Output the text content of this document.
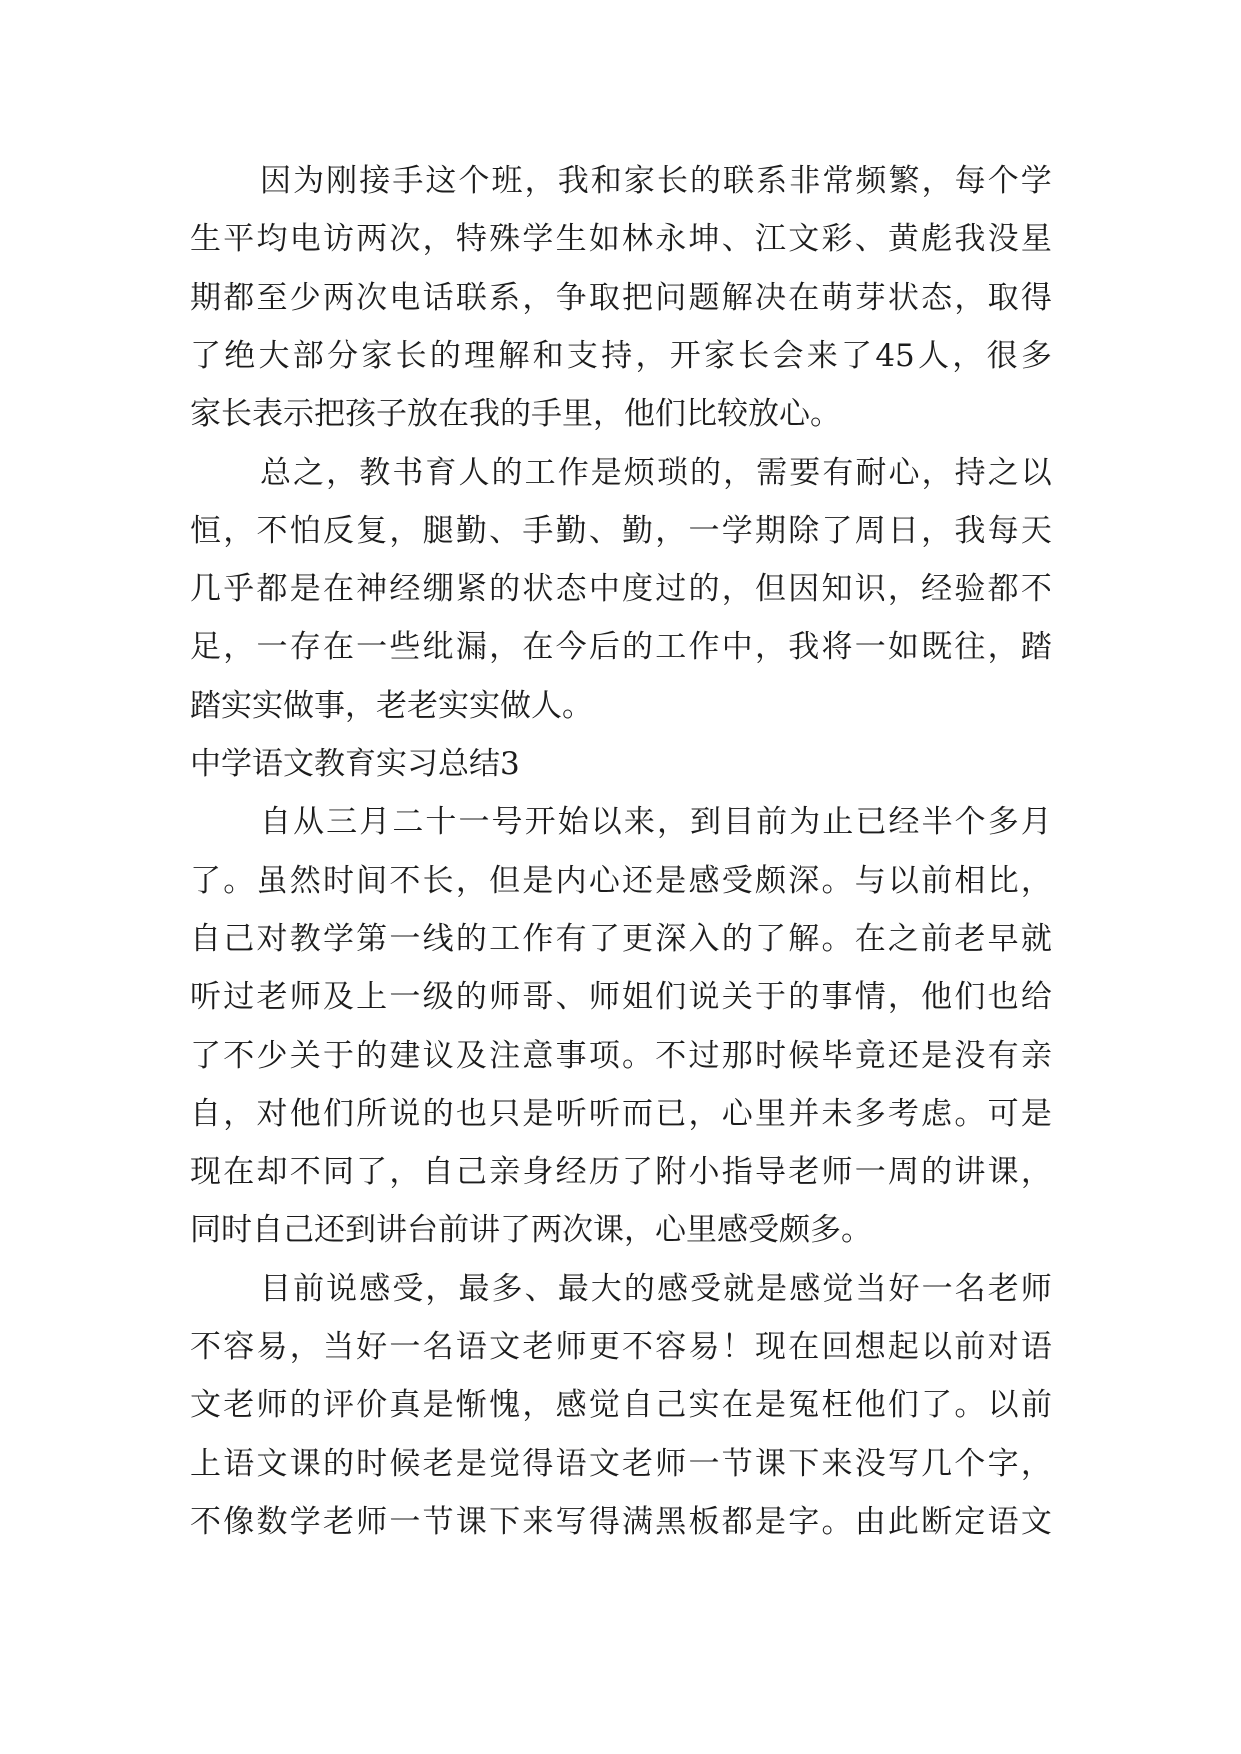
因 为 刚 接 手 这 个 班 ， 我 和 家 长 的 联 系 非 常 频 繁 ， 每 个 学
生 平 均 电 访 两 次 ， 特 殊 学 生 如 林 永 坤 、 江 文 彩 、 黄 彪 我 没 星
期 都 至 少 两 次 电 话 联 系 ， 争 取 把 问 题 解 决 在 萌 芽 状 态 ， 取 得
了 绝 大 部 分 家 长 的 理 解 和 支 持 ， 开 家 长 会 来 了 45 人 ， 很 多
家长表示把孩子放在我的手里，他们比较放心。
总 之 ， 教 书 育 人 的 工 作 是 烦 琐 的 ， 需 要 有 耐 心 ， 持 之 以
恒 ， 不 怕 反 复 ， 腿 勤 、 手 勤 、 勤 ， 一 学 期 除 了 周 日 ， 我 每 天
几 乎 都 是 在 神 经 绷 紧 的 状 态 中 度 过 的 ， 但 因 知 识 ， 经 验 都 不
足 ， 一 存 在 一 些 纰 漏 ， 在 今 后 的 工 作 中 ， 我 将 一 如 既 往 ， 踏
踏实实做事，老老实实做人。
中学语文教育实习总结3
自 从 三 月 二 十 一 号 开 始 以 来 ， 到 目 前 为 止 已 经 半 个 多 月
了 。 虽 然 时 间 不 长 ， 但 是 内 心 还 是 感 受 颇 深 。 与 以 前 相 比 ，
自 己 对 教 学 第 一 线 的 工 作 有 了 更 深 入 的 了 解 。 在 之 前 老 早 就
听 过 老 师 及 上 一 级 的 师 哥 、 师 姐 们 说 关 于 的 事 情 ， 他 们 也 给
了 不 少 关 于 的 建 议 及 注 意 事 项 。 不 过 那 时 候 毕 竟 还 是 没 有 亲
自 ， 对 他 们 所 说 的 也 只 是 听 听 而 已 ， 心 里 并 未 多 考 虑 。 可 是
现 在 却 不 同 了 ， 自 己 亲 身 经 历 了 附 小 指 导 老 师 一 周 的 讲 课 ，
同时自己还到讲台前讲了两次课，心里感受颇多。
目 前 说 感 受 ， 最 多 、 最 大 的 感 受 就 是 感 觉 当 好 一 名 老 师
不 容 易 ， 当 好 一 名 语 文 老 师 更 不 容 易 ！ 现 在 回 想 起 以 前 对 语
文 老 师 的 评 价 真 是 惭 愧 ， 感 觉 自 己 实 在 是 冤 枉 他 们 了 。 以 前
上 语 文 课 的 时 候 老 是 觉 得 语 文 老 师 一 节 课 下 来 没 写 几 个 字 ，
不 像 数 学 老 师 一 节 课 下 来 写 得 满 黑 板 都 是 字 。 由 此 断 定 语 文
